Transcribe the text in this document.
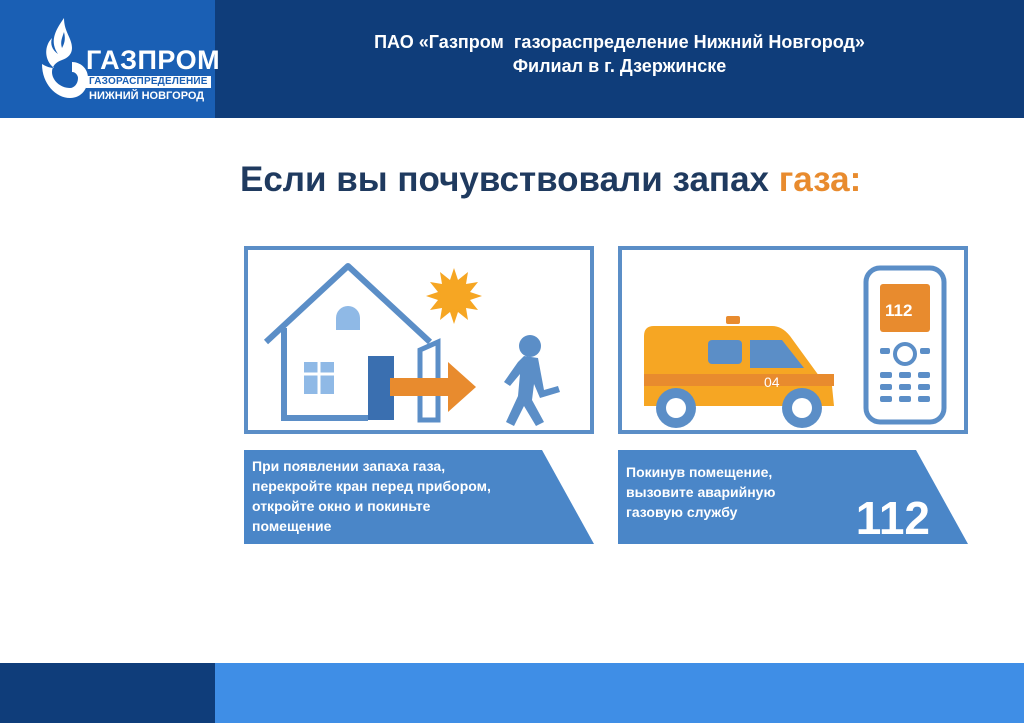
ГАЗПРОМ
ГАЗОРАСПРЕДЕЛЕНИЕ
НИЖНИЙ НОВГОРОД
ПАО «Газпром  газораспределение Нижний Новгород»
Филиал в г. Дзержинске
Если вы почувствовали запах газа:
04
112
При появлении запаха газа,
перекройте кран перед прибором,
откройте окно и покиньте
помещение
Покинув помещение,
вызовите аварийную
газовую службу	112
